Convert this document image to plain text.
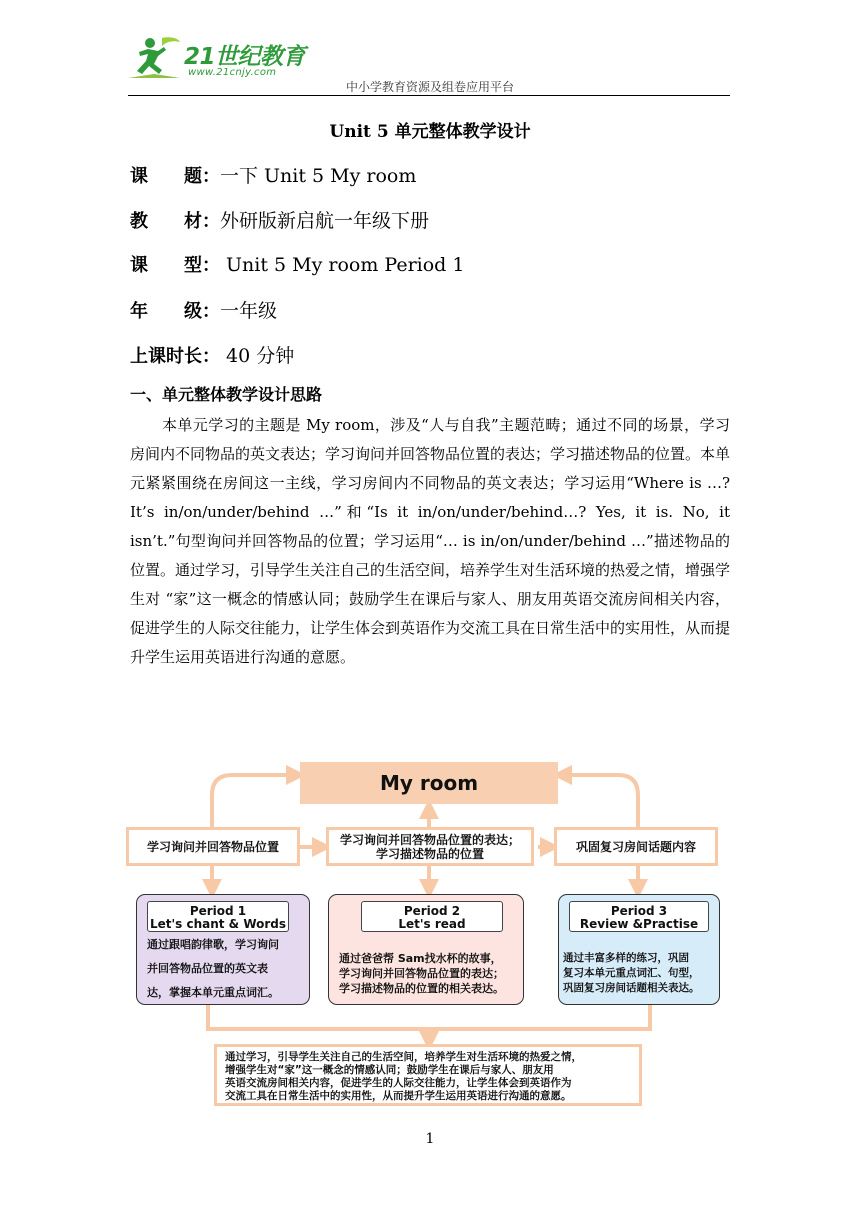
21世纪教育
www.21cnjy.com
中小学教育资源及组卷应用平台
Unit 5 单元整体教学设计
课　　题：一下 Unit 5 My room
教　　材：外研版新启航一年级下册
课　　型： Unit 5 My room Period 1
年　　级：一年级
上课时长： 40 分钟
一、单元整体教学设计思路
本单元学习的主题是 My room，涉及“人与自我”主题范畴；通过不同的场景，学习房间内不同物品的英文表达；学习询问并回答物品位置的表达；学习描述物品的位置。本单元紧紧围绕在房间这一主线，学习房间内不同物品的英文表达；学习运用“Where is …? It’s in/on/under/behind …”和“Is it in/on/under/behind…? Yes, it is. No, it isn’t.”句型询问并回答物品的位置；学习运用“… is in/on/under/behind …”描述物品的位置。通过学习，引导学生关注自己的生活空间，培养学生对生活环境的热爱之情，增强学生对 “家”这一概念的情感认同；鼓励学生在课后与家人、朋友用英语交流房间相关内容，促进学生的人际交往能力，让学生体会到英语作为交流工具在日常生活中的实用性，从而提升学生运用英语进行沟通的意愿。
My room
学习询问并回答物品位置	学习询问并回答物品位置的表达；
学习描述物品的位置	巩固复习房间话题内容
Period 1
Let's chant & Words
通过跟唱韵律歌，学习询问
并回答物品位置的英文表
达，掌握本单元重点词汇。
Period 2
Let's read
通过爸爸帮 Sam找水杯的故事，
学习询问并回答物品位置的表达；
学习描述物品的位置的相关表达。
Period 3
Review &Practise
通过丰富多样的练习，巩固
复习本单元重点词汇、句型，
巩固复习房间话题相关表达。
通过学习，引导学生关注自己的生活空间，培养学生对生活环境的热爱之情，
增强学生对“家”这一概念的情感认同；鼓励学生在课后与家人、朋友用
英语交流房间相关内容，促进学生的人际交往能力，让学生体会到英语作为
交流工具在日常生活中的实用性，从而提升学生运用英语进行沟通的意愿。
1
